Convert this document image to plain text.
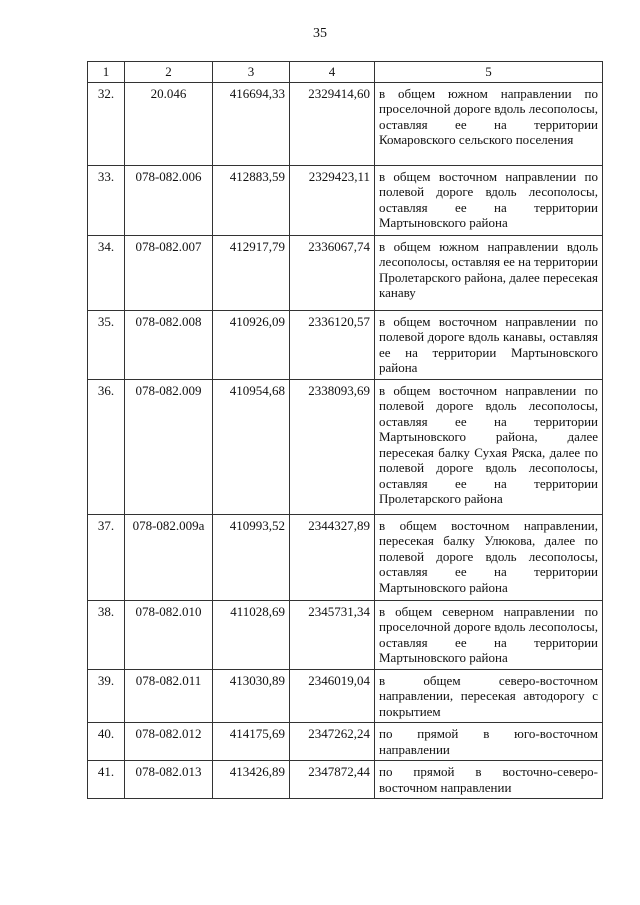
35
1	2	3	4	5
32.	20.046	416694,33	2329414,60	в общем южном направлении по проселочной дороге вдоль лесополосы, оставляя ее на территории Комаровского сельского поселения
33.	078-082.006	412883,59	2329423,11	в общем восточном направлении по полевой дороге вдоль лесополосы, оставляя ее на территории Мартыновского района
34.	078-082.007	412917,79	2336067,74	в общем южном направлении вдоль лесополосы, оставляя ее на территории Пролетарского района, далее пересекая канаву
35.	078-082.008	410926,09	2336120,57	в общем восточном направлении по полевой дороге вдоль канавы, оставляя ее на территории Мартыновского района
36.	078-082.009	410954,68	2338093,69	в общем восточном направлении по полевой дороге вдоль лесополосы, оставляя ее на территории Мартыновского района, далее пересекая балку Сухая Ряска, далее по полевой дороге вдоль лесополосы, оставляя ее на территории Пролетарского района
37.	078-082.009а	410993,52	2344327,89	в общем восточном направлении, пересекая балку Улюкова, далее по полевой дороге вдоль лесополосы, оставляя ее на территории Мартыновского района
38.	078-082.010	411028,69	2345731,34	в общем северном направлении по проселочной дороге вдоль лесополосы, оставляя ее на территории Мартыновского района
39.	078-082.011	413030,89	2346019,04	в общем северо-восточном направлении, пересекая автодорогу с покрытием
40.	078-082.012	414175,69	2347262,24	по прямой в юго-восточном направлении
41.	078-082.013	413426,89	2347872,44	по прямой в восточно-северо-восточном направлении
